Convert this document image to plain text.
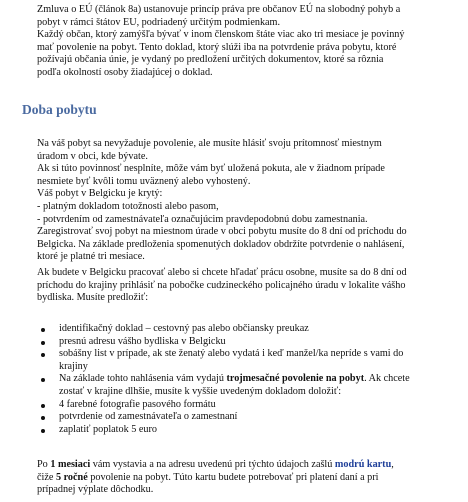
Zmluva o EÚ (článok 8a) ustanovuje princíp práva pre občanov EÚ na slobodný pohyb a
pobyt v rámci štátov EU, podriadený určitým podmienkam.
Každý občan, ktorý zamýšľa bývať v inom členskom štáte viac ako tri mesiace je povinný
mať povolenie na pobyt. Tento doklad, ktorý slúži iba na potvrdenie práva pobytu, ktoré
požívajú občania únie, je vydaný po predložení určitých dokumentov, ktoré sa rôznia
podľa okolností osoby žiadajúcej o doklad.
Doba pobytu
Na váš pobyt sa nevyžaduje povolenie, ale musíte hlásiť svoju prítomnosť miestnym
úradom v obci, kde bývate.
Ak si túto povinnosť nesplníte, môže vám byť uložená pokuta, ale v žiadnom prípade
nesmiete byť kvôli tomu uväznený alebo vyhostený.
Váš pobyt v Belgicku je krytý:
- platným dokladom totožnosti alebo pasom,
- potvrdením od zamestnávateľa označujúcim pravdepodobnú dobu zamestnania.
Zaregistrovať svoj pobyt na miestnom úrade v obci pobytu musíte do 8 dní od príchodu do
Belgicka. Na základe predloženia spomenutých dokladov obdržíte potvrdenie o nahlásení,
ktoré je platné tri mesiace.
Ak budete v Belgicku pracovať alebo si chcete hľadať prácu osobne, musíte sa do 8 dní od
príchodu do krajiny prihlásiť na pobočke cudzineckého policajného úradu v lokalite vášho
bydliska. Musíte predložiť:
identifikačný doklad – cestovný pas alebo občiansky preukaz
presnú adresu vášho bydliska v Belgicku
sobášny list v prípade, ak ste ženatý alebo vydatá i keď manžel/ka nepríde s vami do
krajiny
Na základe tohto nahlásenia vám vydajú trojmesačné povolenie na pobyt. Ak chcete
zostať v krajine dlhšie, musíte k vyššie uvedeným dokladom doložiť:
4 farebné fotografie pasového formátu
potvrdenie od zamestnávateľa o zamestnaní
zaplatiť poplatok 5 euro
Po 1 mesiaci vám vystavia a na adresu uvedenú pri týchto údajoch zašlú modrú kartu,
čiže 5 ročné povolenie na pobyt. Túto kartu budete potrebovať pri platení daní a pri
prípadnej výplate dôchodku.
